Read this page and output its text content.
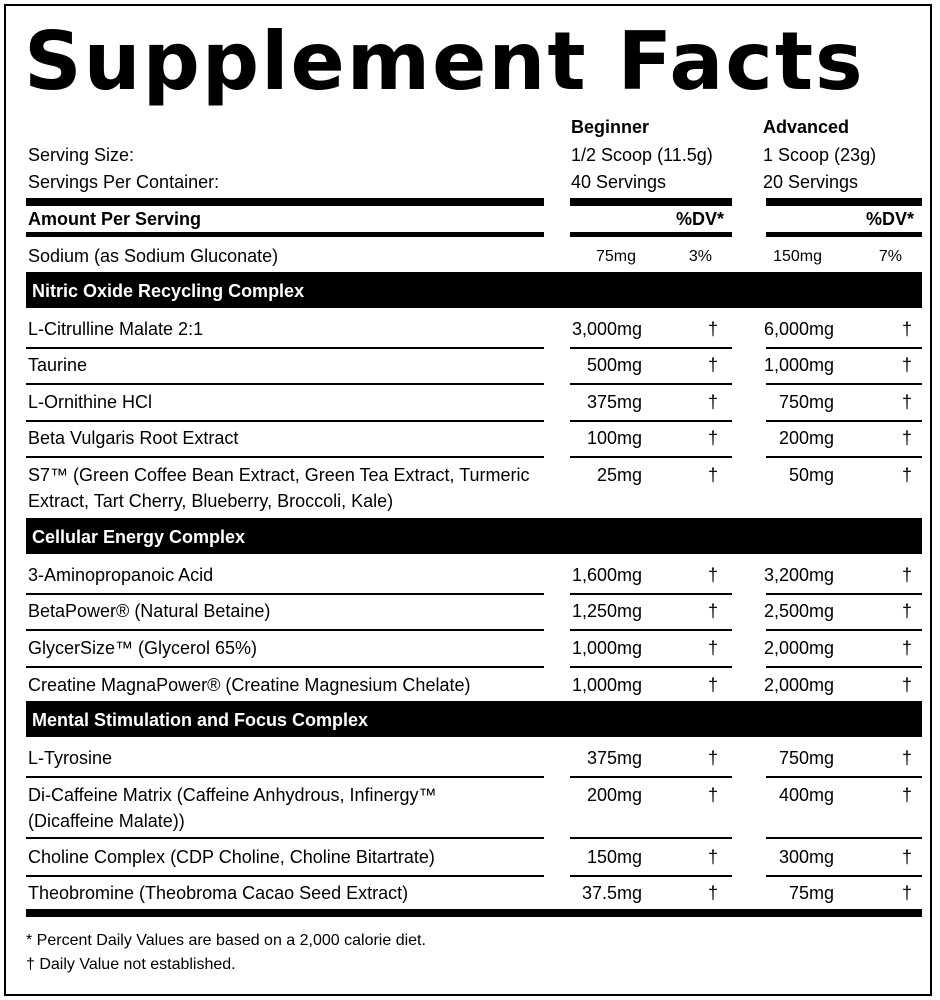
Supplement Facts
Beginner	Advanced
Serving Size:	1/2 Scoop (11.5g)	1 Scoop (23g)
Servings Per Container:	40 Servings	20 Servings
Amount Per Serving	%DV*	%DV*
Sodium (as Sodium Gluconate)	75mg	3%	150mg	7%
Nitric Oxide Recycling Complex
L-Citrulline Malate 2:1	3,000mg	†	6,000mg	†
Taurine	500mg	†	1,000mg	†
L-Ornithine HCl	375mg	†	750mg	†
Beta Vulgaris Root Extract	100mg	†	200mg	†
S7™ (Green Coffee Bean Extract, Green Tea Extract, Turmeric
Extract, Tart Cherry, Blueberry, Broccoli, Kale)
25mg	†	50mg	†
Cellular Energy Complex
3-Aminopropanoic Acid	1,600mg	†	3,200mg	†
BetaPower® (Natural Betaine)	1,250mg	†	2,500mg	†
GlycerSize™ (Glycerol 65%)	1,000mg	†	2,000mg	†
Creatine MagnaPower® (Creatine Magnesium Chelate)	1,000mg	†	2,000mg	†
Mental Stimulation and Focus Complex
L-Tyrosine	375mg	†	750mg	†
Di-Caffeine Matrix (Caffeine Anhydrous, Infinergy™
(Dicaffeine Malate))
200mg	†	400mg	†
Choline Complex (CDP Choline, Choline Bitartrate)	150mg	†	300mg	†
Theobromine (Theobroma Cacao Seed Extract)	37.5mg	†	75mg	†
* Percent Daily Values are based on a 2,000 calorie diet.
† Daily Value not established.
